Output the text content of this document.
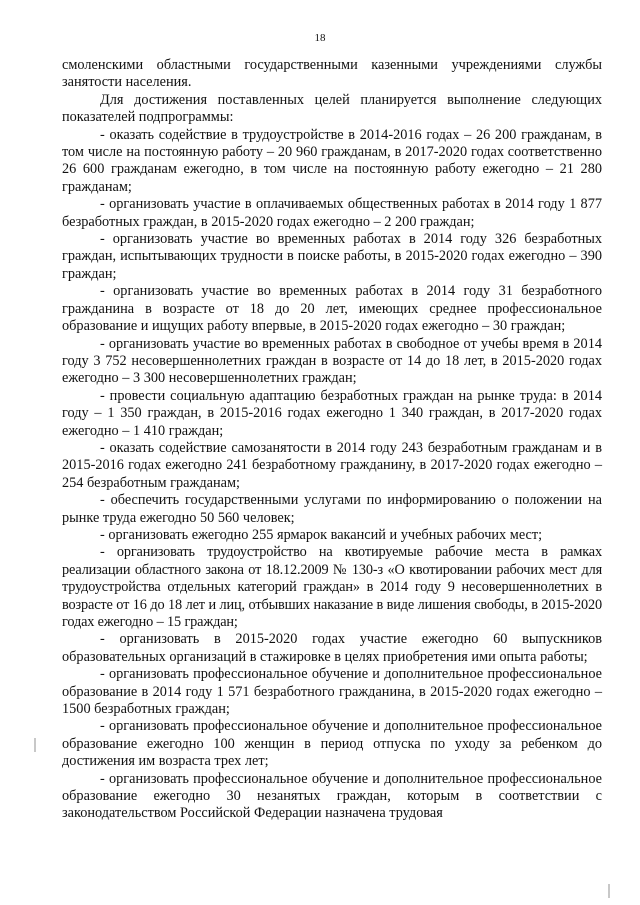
18

смоленскими областными государственными казенными учреждениями службы занятости населения.

Для достижения поставленных целей планируется выполнение следующих показателей подпрограммы:

- оказать содействие в трудоустройстве в 2014-2016 годах – 26 200 гражданам, в том числе на постоянную работу – 20 960 гражданам, в 2017-2020 годах соответственно 26 600 гражданам ежегодно, в том числе на постоянную работу ежегодно – 21 280 гражданам;

- организовать участие в оплачиваемых общественных работах в 2014 году 1 877 безработных граждан, в 2015-2020 годах ежегодно – 2 200 граждан;

- организовать участие во временных работах в 2014 году 326 безработных граждан, испытывающих трудности в поиске работы, в 2015-2020 годах ежегодно – 390 граждан;

- организовать участие во временных работах в 2014 году 31 безработного гражданина в возрасте от 18 до 20 лет, имеющих среднее профессиональное образование и ищущих работу впервые, в 2015-2020 годах ежегодно – 30 граждан;

- организовать участие во временных работах в свободное от учебы время в 2014 году 3 752 несовершеннолетних граждан в возрасте от 14 до 18 лет, в 2015-2020 годах ежегодно – 3 300 несовершеннолетних граждан;

- провести социальную адаптацию безработных граждан на рынке труда: в 2014 году – 1 350 граждан, в 2015-2016 годах ежегодно 1 340 граждан, в 2017-2020 годах ежегодно – 1 410 граждан;

- оказать содействие самозанятости в 2014 году 243 безработным гражданам и в 2015-2016 годах ежегодно 241 безработному гражданину, в 2017-2020 годах ежегодно – 254 безработным гражданам;

- обеспечить государственными услугами по информированию о положении на рынке труда ежегодно 50 560 человек;

- организовать ежегодно 255 ярмарок вакансий и учебных рабочих мест;

- организовать трудоустройство на квотируемые рабочие места в рамках реализации областного закона от 18.12.2009 № 130-з «О квотировании рабочих мест для трудоустройства отдельных категорий граждан» в 2014 году 9 несовершеннолетних в возрасте от 16 до 18 лет и лиц, отбывших наказание в виде лишения свободы, в 2015-2020 годах ежегодно – 15 граждан;

- организовать в 2015-2020 годах участие ежегодно 60 выпускников образовательных организаций в стажировке в целях приобретения ими опыта работы;

- организовать профессиональное обучение и дополнительное профессиональное образование в 2014 году 1 571 безработного гражданина, в 2015-2020 годах ежегодно – 1500 безработных граждан;

- организовать профессиональное обучение и дополнительное профессиональное образование ежегодно 100 женщин в период отпуска по уходу за ребенком до достижения им возраста трех лет;

- организовать профессиональное обучение и дополнительное профессиональное образование ежегодно 30 незанятых граждан, которым в соответствии с законодательством Российской Федерации назначена трудовая
